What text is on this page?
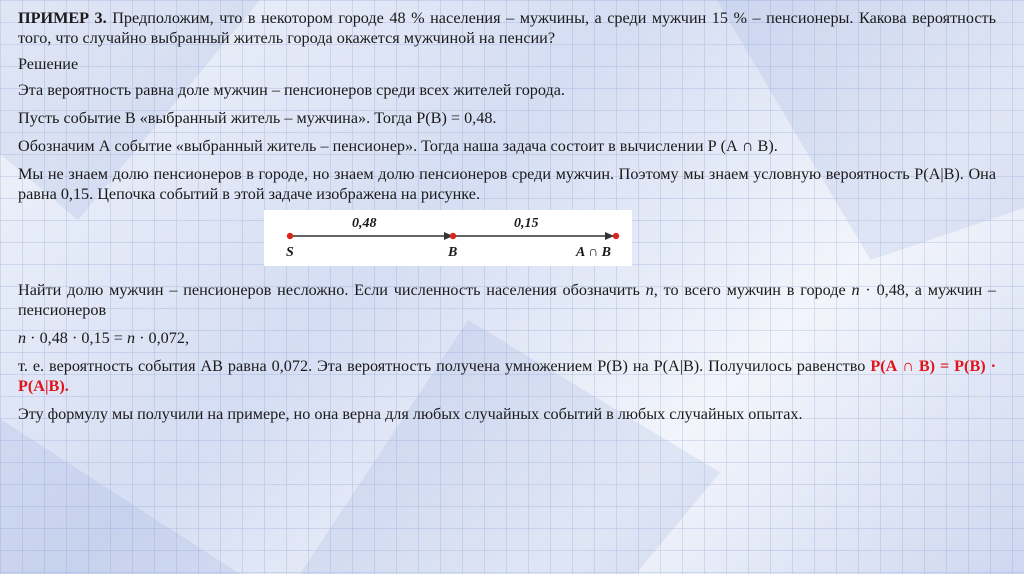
ПРИМЕР 3. Предположим, что в некотором городе 48 % населения – мужчины, а среди мужчин 15 % – пенсионеры. Какова вероятность того, что случайно выбранный житель города окажется мужчиной на пенсии?

Решение

Эта вероятность равна доле мужчин – пенсионеров среди всех жителей города.

Пусть событие В «выбранный житель – мужчина». Тогда Р(В) = 0,48.

Обозначим А событие «выбранный житель – пенсионер». Тогда наша задача состоит в вычислении Р (А ∩ В).

Мы не знаем долю пенсионеров в городе, но знаем долю пенсионеров среди мужчин. Поэтому мы знаем условную вероятность Р(А|В). Она равна 0,15. Цепочка событий в этой задаче изображена на рисунке.

0,48	0,15
S	B	A ∩ B

Найти долю мужчин – пенсионеров несложно. Если численность населения обозначить n, то всего мужчин в городе n · 0,48, а мужчин – пенсионеров

n · 0,48 · 0,15 = n · 0,072,

т. е. вероятность события АВ равна 0,072. Эта вероятность получена умножением Р(В) на Р(А|В). Получилось равенство Р(А ∩ В) = Р(В) · Р(А|В).

Эту формулу мы получили на примере, но она верна для любых случайных событий в любых случайных опытах.
